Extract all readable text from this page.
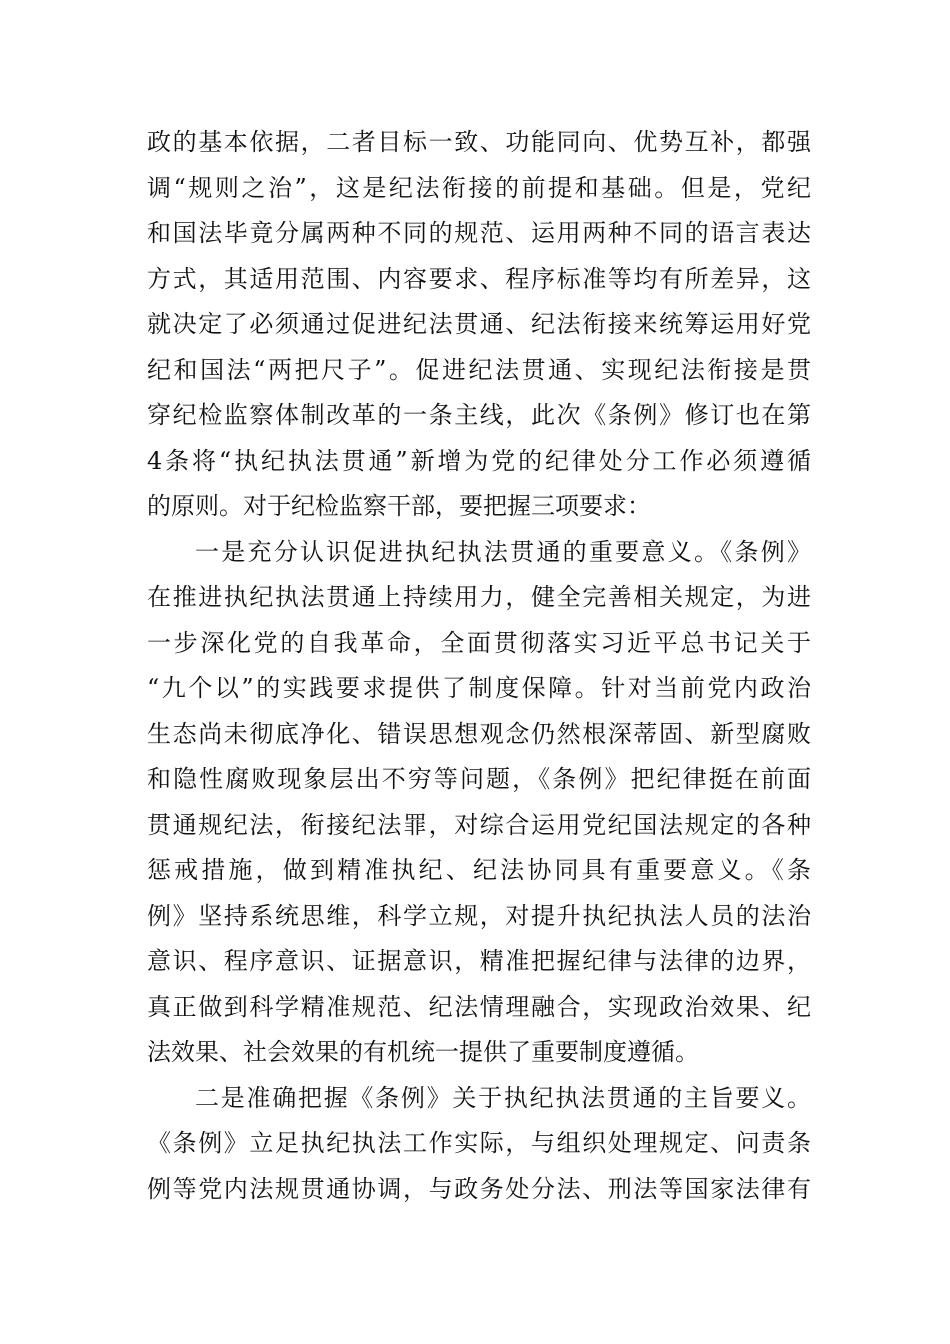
政的基本依据，二者目标一致、功能同向、优势互补，都强
调“规则之治”，这是纪法衔接的前提和基础。但是，党纪
和国法毕竟分属两种不同的规范、运用两种不同的语言表达
方式，其适用范围、内容要求、程序标准等均有所差异，这
就决定了必须通过促进纪法贯通、纪法衔接来统筹运用好党
纪和国法“两把尺子”。促进纪法贯通、实现纪法衔接是贯
穿纪检监察体制改革的一条主线，此次《条例》修订也在第
4条将“执纪执法贯通”新增为党的纪律处分工作必须遵循
的原则。对于纪检监察干部，要把握三项要求：
一是充分认识促进执纪执法贯通的重要意义。《条例》
在推进执纪执法贯通上持续用力，健全完善相关规定，为进
一步深化党的自我革命，全面贯彻落实习近平总书记关于
“九个以”的实践要求提供了制度保障。针对当前党内政治
生态尚未彻底净化、错误思想观念仍然根深蒂固、新型腐败
和隐性腐败现象层出不穷等问题，《条例》把纪律挺在前面
贯通规纪法，衔接纪法罪，对综合运用党纪国法规定的各种
惩戒措施，做到精准执纪、纪法协同具有重要意义。《条
例》坚持系统思维，科学立规，对提升执纪执法人员的法治
意识、程序意识、证据意识，精准把握纪律与法律的边界，
真正做到科学精准规范、纪法情理融合，实现政治效果、纪
法效果、社会效果的有机统一提供了重要制度遵循。
二是准确把握《条例》关于执纪执法贯通的主旨要义。
《条例》立足执纪执法工作实际，与组织处理规定、问责条
例等党内法规贯通协调，与政务处分法、刑法等国家法律有
